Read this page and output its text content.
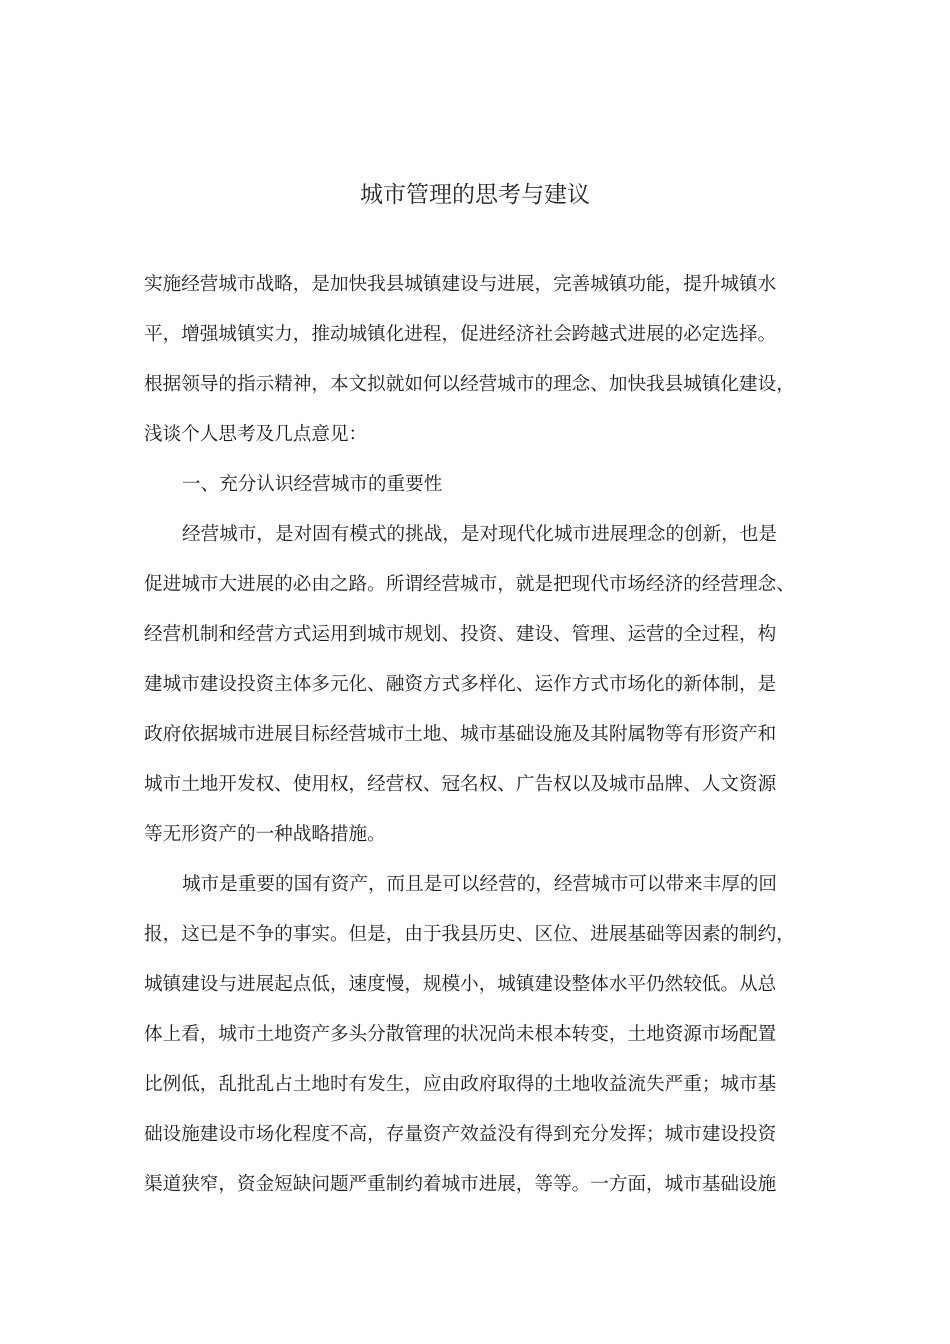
城市管理的思考与建议
实施经营城市战略，是加快我县城镇建设与进展，完善城镇功能，提升城镇水
平，增强城镇实力，推动城镇化进程，促进经济社会跨越式进展的必定选择。
根据领导的指示精神，本文拟就如何以经营城市的理念、加快我县城镇化建设，
浅谈个人思考及几点意见：
一、充分认识经营城市的重要性
经营城市，是对固有模式的挑战，是对现代化城市进展理念的创新，也是
促进城市大进展的必由之路。所谓经营城市，就是把现代市场经济的经营理念、
经营机制和经营方式运用到城市规划、投资、建设、管理、运营的全过程，构
建城市建设投资主体多元化、融资方式多样化、运作方式市场化的新体制，是
政府依据城市进展目标经营城市土地、城市基础设施及其附属物等有形资产和
城市土地开发权、使用权，经营权、冠名权、广告权以及城市品牌、人文资源
等无形资产的一种战略措施。
城市是重要的国有资产，而且是可以经营的，经营城市可以带来丰厚的回
报，这已是不争的事实。但是，由于我县历史、区位、进展基础等因素的制约，
城镇建设与进展起点低，速度慢，规模小，城镇建设整体水平仍然较低。从总
体上看，城市土地资产多头分散管理的状况尚未根本转变，土地资源市场配置
比例低，乱批乱占土地时有发生，应由政府取得的土地收益流失严重；城市基
础设施建设市场化程度不高，存量资产效益没有得到充分发挥；城市建设投资
渠道狭窄，资金短缺问题严重制约着城市进展，等等。一方面，城市基础设施
